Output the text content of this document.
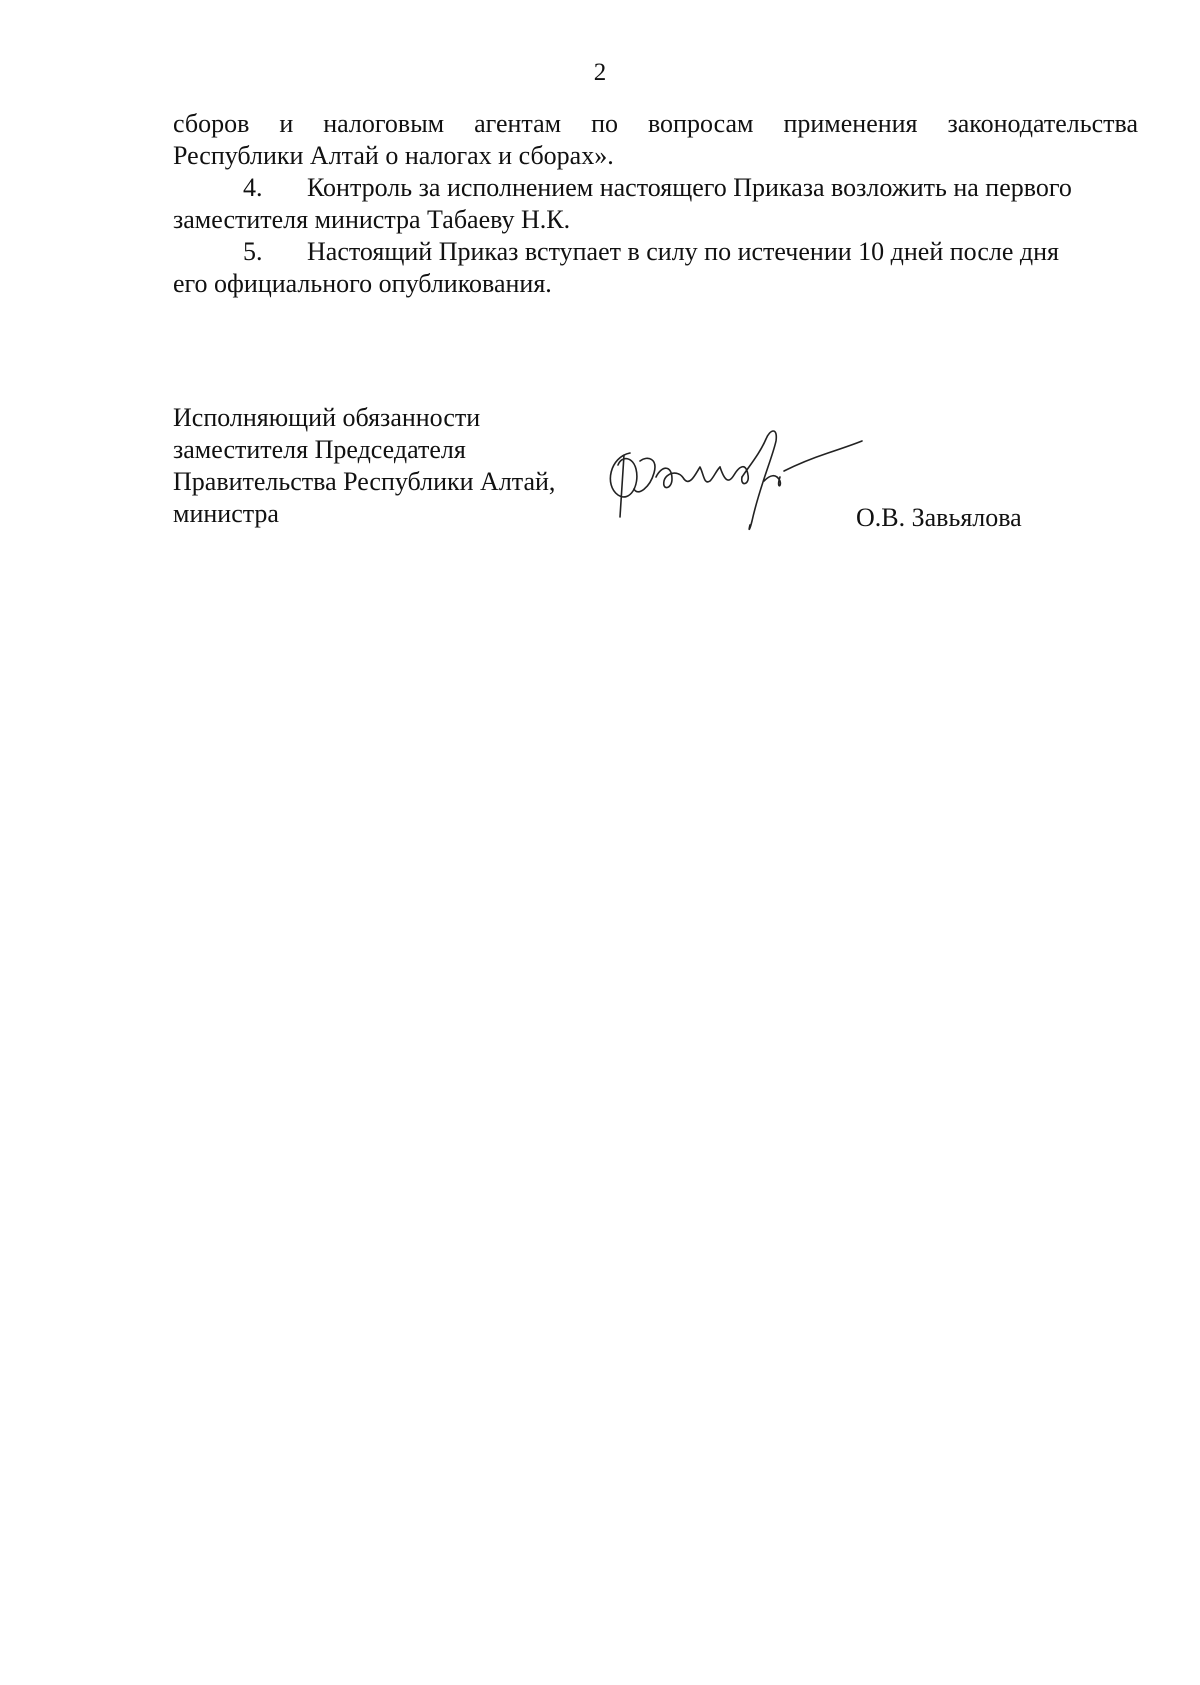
2

сборов и налоговым агентам по вопросам применения законодательства

Республики Алтай о налогах и сборах».

4. Контроль за исполнением настоящего Приказа возложить на первого
заместителя министра Табаеву Н.К.
5. Настоящий Приказ вступает в силу по истечении 10 дней после дня
его официального опубликования.
Исполняющий обязанности
заместителя Председателя
Правительства Республики Алтай,
министра	О.В. Завьялова
